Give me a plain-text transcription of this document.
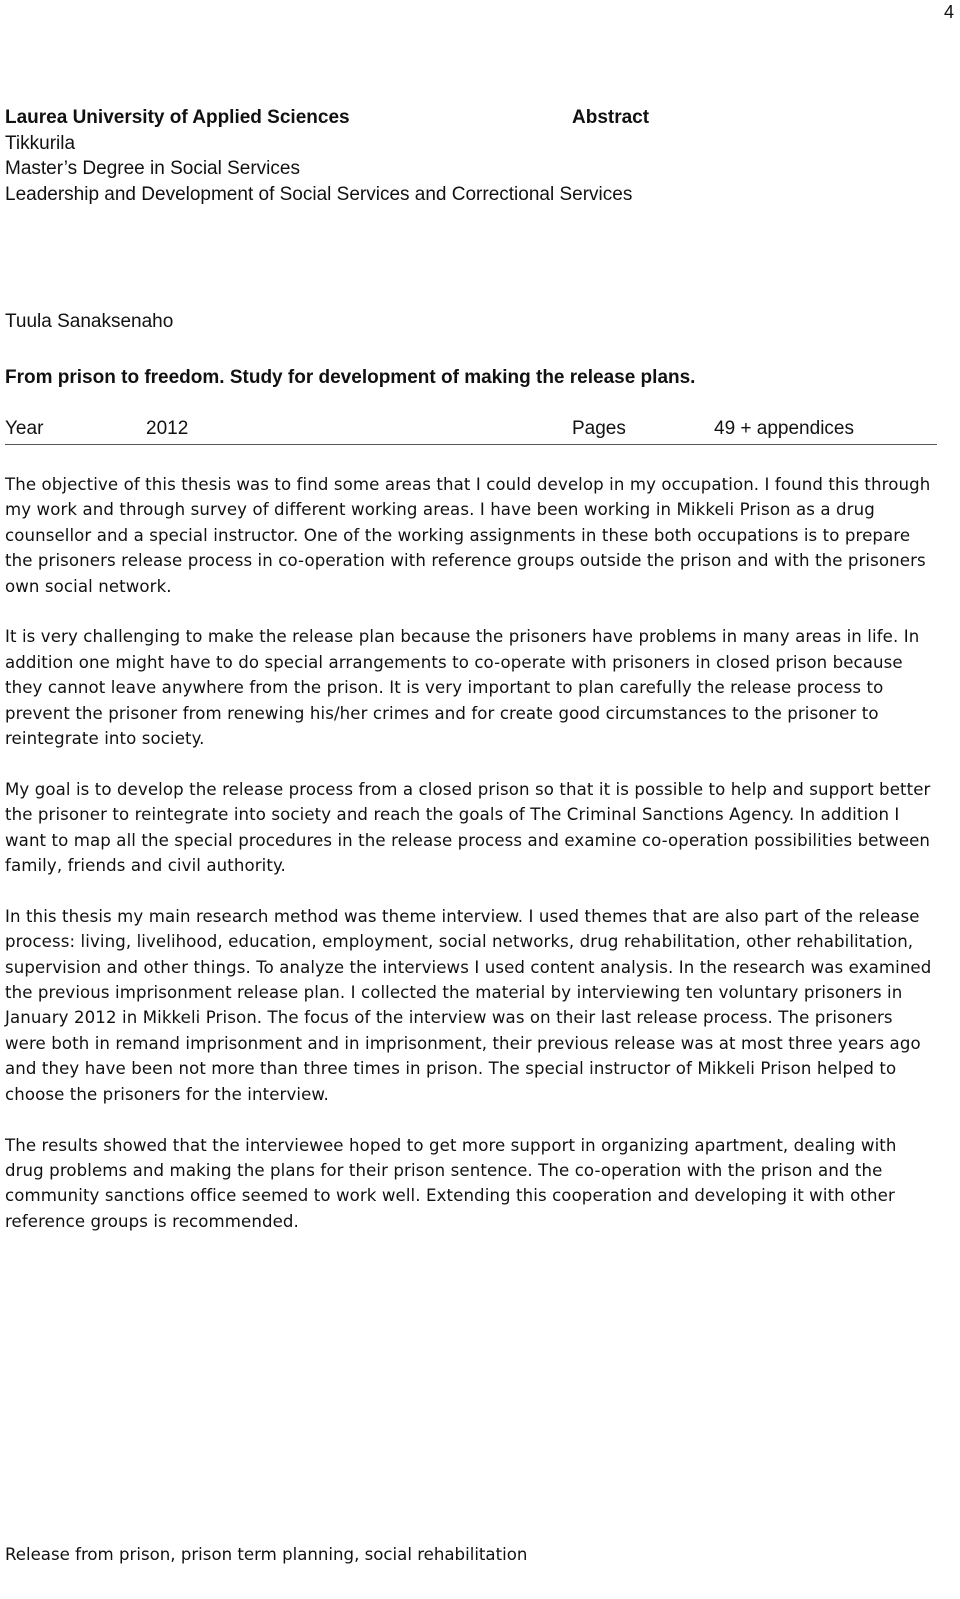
4
Laurea University of Applied Sciences	Abstract
Tikkurila
Master’s Degree in Social Services
Leadership and Development of Social Services and Correctional Services
Tuula Sanaksenaho
From prison to freedom. Study for development of making the release plans.
Year	2012	Pages	49 + appendices

The objective of this thesis was to find some areas that I could develop in my occupation. I found this through my work and through survey of different working areas. I have been working in Mikkeli Prison as a drug counsellor and a special instructor. One of the working assignments in these both occupations is to prepare the prisoners release process in co-operation with reference groups outside the prison and with the prisoners own social network.

It is very challenging to make the release plan because the prisoners have problems in many areas in life. In addition one might have to do special arrangements to co-operate with prisoners in closed prison because they cannot leave anywhere from the prison. It is very important to plan carefully the release process to prevent the prisoner from renewing his/her crimes and for create good circumstances to the prisoner to reintegrate into society.

My goal is to develop the release process from a closed prison so that it is possible to help and support better the prisoner to reintegrate into society and reach the goals of The Criminal Sanctions Agency. In addition I want to map all the special procedures in the release process and examine co-operation possibilities between family, friends and civil authority.

In this thesis my main research method was theme interview. I used themes that are also part of the release process: living, livelihood, education, employment, social networks, drug rehabilitation, other rehabilitation, supervision and other things. To analyze the interviews I used content analysis. In the research was examined the previous imprisonment release plan. I collected the material by interviewing ten voluntary prisoners in January 2012 in Mikkeli Prison. The focus of the interview was on their last release process. The prisoners were both in remand imprisonment and in imprisonment, their previous release was at most three years ago and they have been not more than three times in prison. The special instructor of Mikkeli Prison helped to choose the prisoners for the interview.

The results showed that the interviewee hoped to get more support in organizing apartment, dealing with drug problems and making the plans for their prison sentence. The co-operation with the prison and the community sanctions office seemed to work well. Extending this cooperation and developing it with other reference groups is recommended.

Release from prison, prison term planning, social rehabilitation
